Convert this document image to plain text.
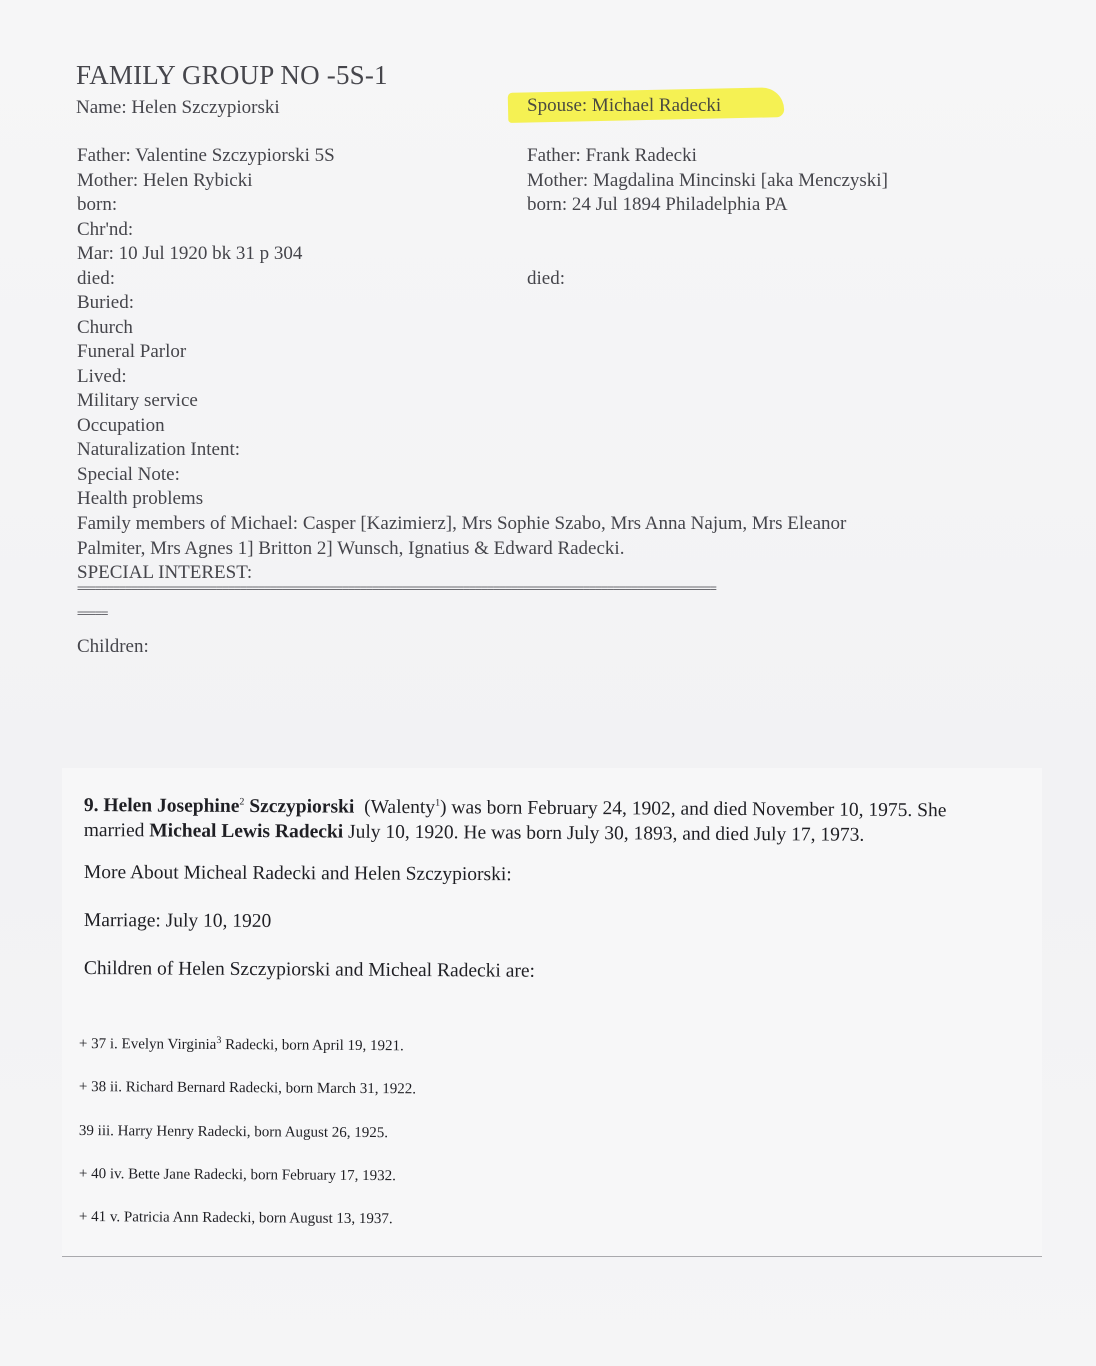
FAMILY GROUP NO -5S-1
Name: Helen Szczypiorski	Spouse: Michael Radecki
Father: Valentine Szczypiorski 5S
Mother: Helen Rybicki
born:
Chr'nd:
Mar: 10 Jul 1920 bk 31 p 304
died:
Buried:
Church
Funeral Parlor
Lived:
Military service
Occupation
Naturalization Intent:
Special Note:
Health problems
Father: Frank Radecki
Mother: Magdalina Mincinski [aka Menczyski]
born: 24 Jul 1894 Philadelphia PA
died:
Family members of Michael: Casper [Kazimierz], Mrs Sophie Szabo, Mrs Anna Najum, Mrs Eleanor
Palmiter, Mrs Agnes 1] Britton 2] Wunsch, Ignatius & Edward Radecki.
SPECIAL INTEREST:
==========================================================================================================
=====
Children:
9. Helen Josephine$^2$ Szczypiorski (Walenty$^1$) was born February 24, 1902, and died November 10, 1975. She
married Micheal Lewis Radecki July 10, 1920. He was born July 30, 1893, and died July 17, 1973.
More About Micheal Radecki and Helen Szczypiorski:
Marriage: July 10, 1920
Children of Helen Szczypiorski and Micheal Radecki are:
+ 37 i. Evelyn Virginia$^3$ Radecki, born April 19, 1921.
+ 38 ii. Richard Bernard Radecki, born March 31, 1922.
39 iii. Harry Henry Radecki, born August 26, 1925.
+ 40 iv. Bette Jane Radecki, born February 17, 1932.
+ 41 v. Patricia Ann Radecki, born August 13, 1937.
